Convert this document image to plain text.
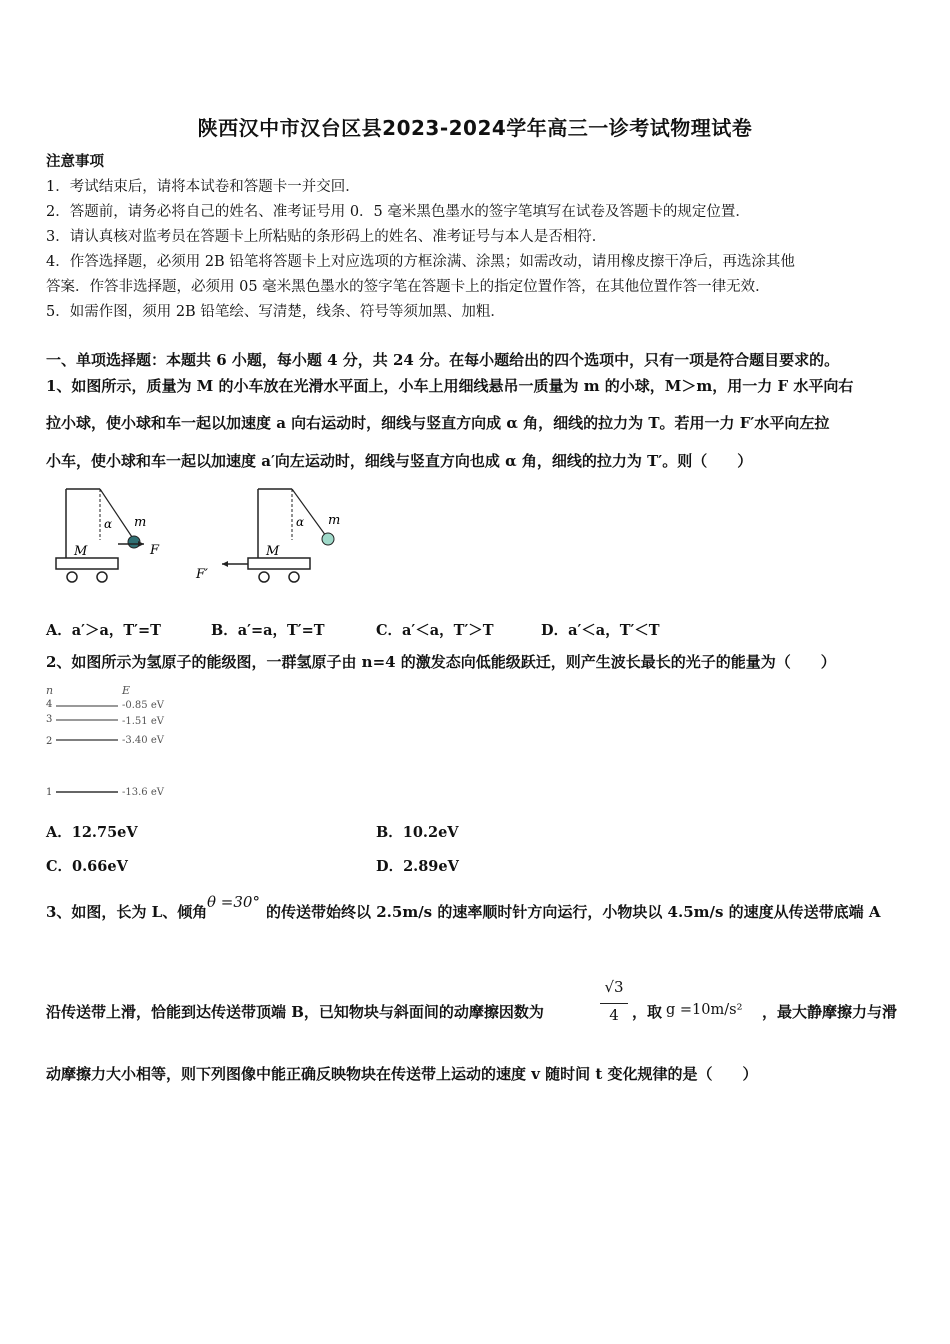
陕西汉中市汉台区县2023-2024学年高三一诊考试物理试卷
注意事项
1．考试结束后，请将本试卷和答题卡一并交回．
2．答题前，请务必将自己的姓名、准考证号用 0．5 毫米黑色墨水的签字笔填写在试卷及答题卡的规定位置．
3．请认真核对监考员在答题卡上所粘贴的条形码上的姓名、准考证号与本人是否相符．
4．作答选择题，必须用 2B 铅笔将答题卡上对应选项的方框涂满、涂黑；如需改动，请用橡皮擦干净后，再选涂其他
答案．作答非选择题，必须用 05 毫米黑色墨水的签字笔在答题卡上的指定位置作答，在其他位置作答一律无效．
5．如需作图，须用 2B 铅笔绘、写清楚，线条、符号等须加黑、加粗．
一、单项选择题：本题共 6 小题，每小题 4 分，共 24 分。在每小题给出的四个选项中，只有一项是符合题目要求的。
1、如图所示，质量为 M 的小车放在光滑水平面上，小车上用细线悬吊一质量为 m 的小球，M＞m，用一力 F 水平向右
拉小球，使小球和车一起以加速度 a 向右运动时，细线与竖直方向成 α 角，细线的拉力为 T。若用一力 F′水平向左拉
小车，使小球和车一起以加速度 a′向左运动时，细线与竖直方向也成 α 角，细线的拉力为 T′。则（　　）
α m
M	F
α m
M
F′
A．a′＞a，T′=T	B．a′=a，T′=T	C．a′＜a，T′＞T	D．a′＜a，T′＜T
2、如图所示为氢原子的能级图，一群氢原子由 n=4 的激发态向低能级跃迁，则产生波长最长的光子的能量为（　　）
n	E
4	-0.85 eV
3	-1.51 eV
2	-3.40 eV
1	-13.6 eV
A．12.75eV	B．10.2eV
C．0.66eV	D．2.89eV
3、如图，长为 L、倾角
θ =30°
的传送带始终以 2.5m/s 的速率顺时针方向运行，小物块以 4.5m/s 的速度从传送带底端 A
沿传送带上滑，恰能到达传送带顶端 B，已知物块与斜面间的动摩擦因数为
√3
4 ，取 g =10m/s² ，最大静摩擦力与滑
动摩擦力大小相等，则下列图像中能正确反映物块在传送带上运动的速度 v 随时间 t 变化规律的是（　　）
